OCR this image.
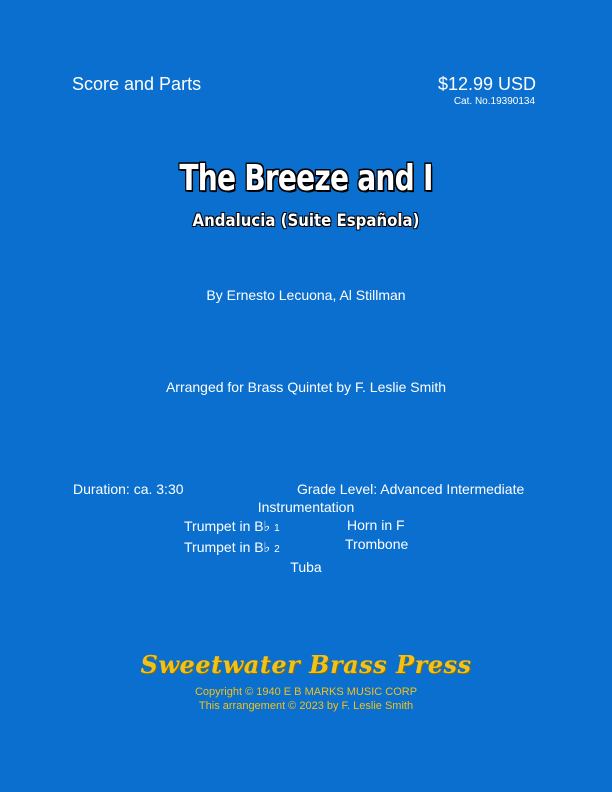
Score and Parts	$12.99 USD
Cat. No.19390134
The Breeze and I
Andalucia (Suite Española)
By Ernesto Lecuona, Al Stillman
Arranged for Brass Quintet by F. Leslie Smith
Duration: ca. 3:30	Grade Level: Advanced Intermediate
Instrumentation
Trumpet in B♭ 1	Horn in F
Trumpet in B♭ 2	Trombone
Tuba
Sweetwater Brass Press
Copyright © 1940 E B MARKS MUSIC CORP
This arrangement © 2023 by F. Leslie Smith
